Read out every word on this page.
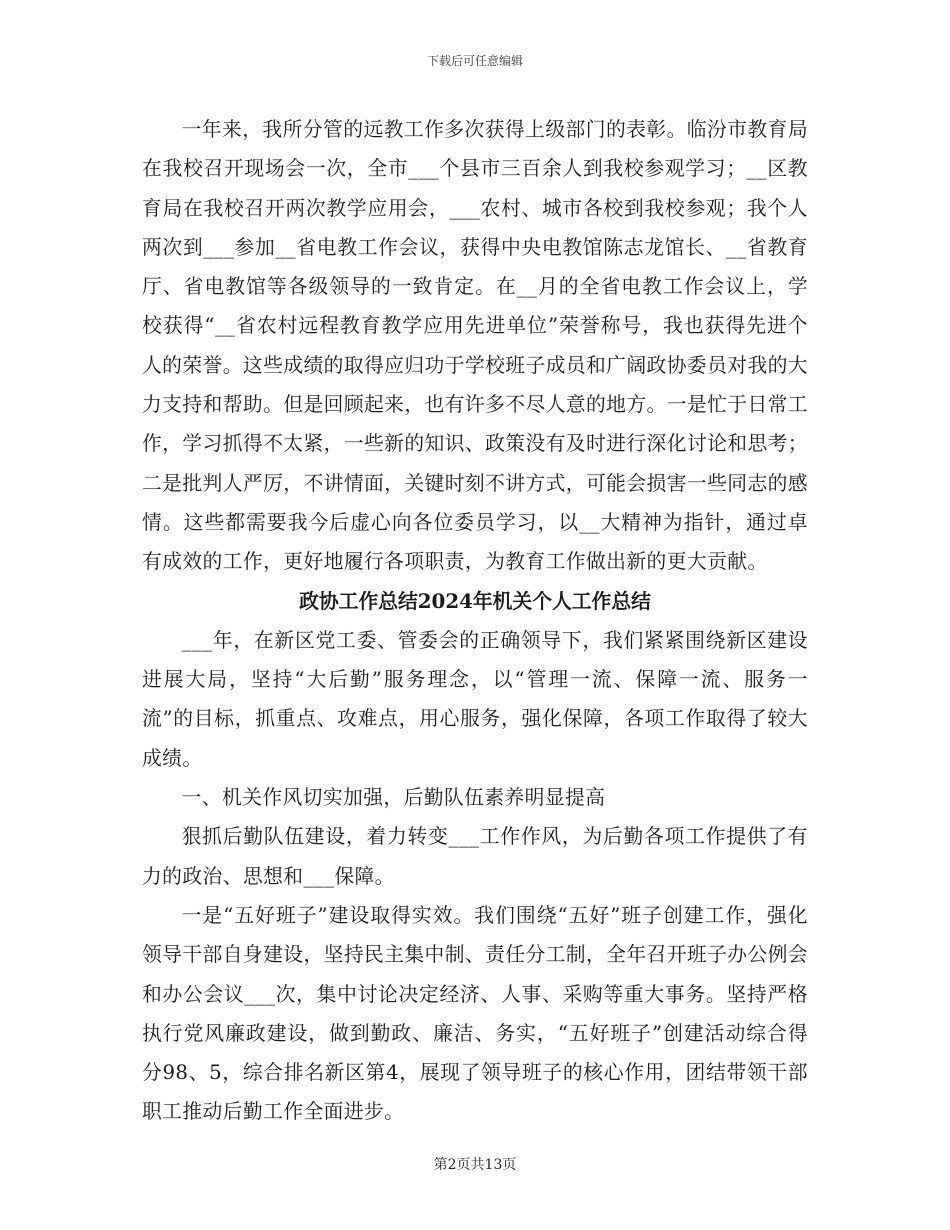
下载后可任意编辑

一年来，我所分管的远教工作多次获得上级部门的表彰。临汾市教育局在我校召开现场会一次，全市___个县市三百余人到我校参观学习；__区教育局在我校召开两次教学应用会，___农村、城市各校到我校参观；我个人两次到___参加__省电教工作会议，获得中央电教馆陈志龙馆长、__省教育厅、省电教馆等各级领导的一致肯定。在__月的全省电教工作会议上，学校获得“__省农村远程教育教学应用先进单位”荣誉称号，我也获得先进个人的荣誉。这些成绩的取得应归功于学校班子成员和广阔政协委员对我的大力支持和帮助。但是回顾起来，也有许多不尽人意的地方。一是忙于日常工作，学习抓得不太紧，一些新的知识、政策没有及时进行深化讨论和思考；二是批判人严厉，不讲情面，关键时刻不讲方式，可能会损害一些同志的感情。这些都需要我今后虚心向各位委员学习，以__大精神为指针，通过卓有成效的工作，更好地履行各项职责，为教育工作做出新的更大贡献。

政协工作总结2024年机关个人工作总结

___年，在新区党工委、管委会的正确领导下，我们紧紧围绕新区建设进展大局，坚持“大后勤”服务理念，以“管理一流、保障一流、服务一流”的目标，抓重点、攻难点，用心服务，强化保障，各项工作取得了较大成绩。

一、机关作风切实加强，后勤队伍素养明显提高

狠抓后勤队伍建设，着力转变___工作作风，为后勤各项工作提供了有力的政治、思想和___保障。

一是“五好班子”建设取得实效。我们围绕“五好”班子创建工作，强化领导干部自身建设，坚持民主集中制、责任分工制，全年召开班子办公例会和办公会议___次，集中讨论决定经济、人事、采购等重大事务。坚持严格执行党风廉政建设，做到勤政、廉洁、务实，“五好班子”创建活动综合得分98、5，综合排名新区第4，展现了领导班子的核心作用，团结带领干部职工推动后勤工作全面进步。

第2页共13页
